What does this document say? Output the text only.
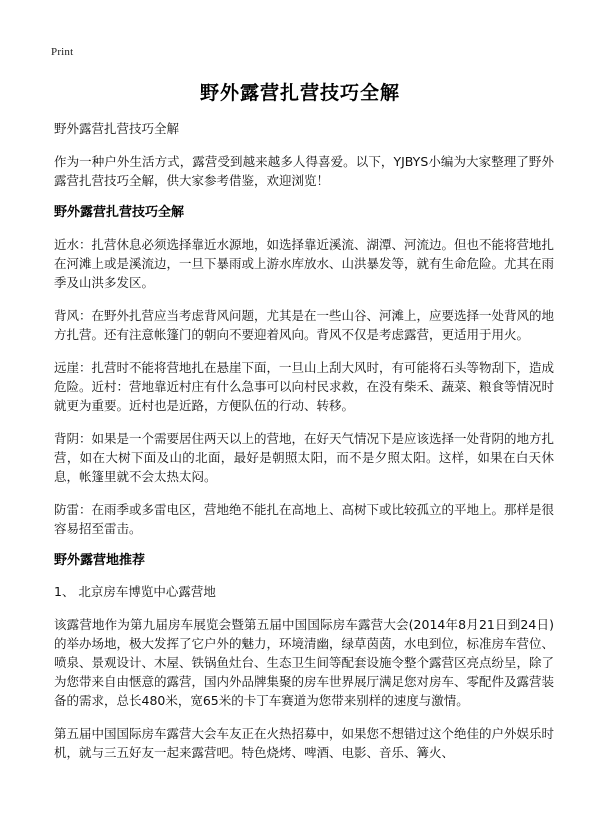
Print
野外露营扎营技巧全解

野外露营扎营技巧全解

作为一种户外生活方式，露营受到越来越多人得喜爱。以下，YJBYS小编为大家整理了野外露营扎营技巧全解，供大家参考借鉴，欢迎浏览！

野外露营扎营技巧全解

近水：扎营休息必须选择靠近水源地，如选择靠近溪流、湖潭、河流边。但也不能将营地扎在河滩上或是溪流边，一旦下暴雨或上游水库放水、山洪暴发等，就有生命危险。尤其在雨季及山洪多发区。

背风：在野外扎营应当考虑背风问题，尤其是在一些山谷、河滩上，应要选择一处背风的地方扎营。还有注意帐篷门的朝向不要迎着风向。背风不仅是考虑露营，更适用于用火。

远崖：扎营时不能将营地扎在悬崖下面，一旦山上刮大风时，有可能将石头等物刮下，造成危险。近村：营地靠近村庄有什么急事可以向村民求救，在没有柴禾、蔬菜、粮食等情况时就更为重要。近村也是近路，方便队伍的行动、转移。

背阴：如果是一个需要居住两天以上的营地，在好天气情况下是应该选择一处背阴的地方扎营，如在大树下面及山的北面，最好是朝照太阳，而不是夕照太阳。这样，如果在白天休息，帐篷里就不会太热太闷。

防雷：在雨季或多雷电区，营地绝不能扎在高地上、高树下或比较孤立的平地上。那样是很容易招至雷击。

野外露营地推荐

1、 北京房车博览中心露营地

该露营地作为第九届房车展览会暨第五届中国国际房车露营大会(2014年8月21日到24日)的举办场地，极大发挥了它户外的魅力，环境清幽，绿草茵茵，水电到位，标准房车营位、喷泉、景观设计、木屋、铁锅鱼灶台、生态卫生间等配套设施令整个露营区亮点纷呈，除了为您带来自由惬意的露营，国内外品牌集聚的房车世界展厅满足您对房车、零配件及露营装备的需求，总长480米，宽65米的卡丁车赛道为您带来别样的速度与激情。

第五届中国国际房车露营大会车友正在火热招募中，如果您不想错过这个绝佳的户外娱乐时机，就与三五好友一起来露营吧。特色烧烤、啤酒、电影、音乐、篝火、
